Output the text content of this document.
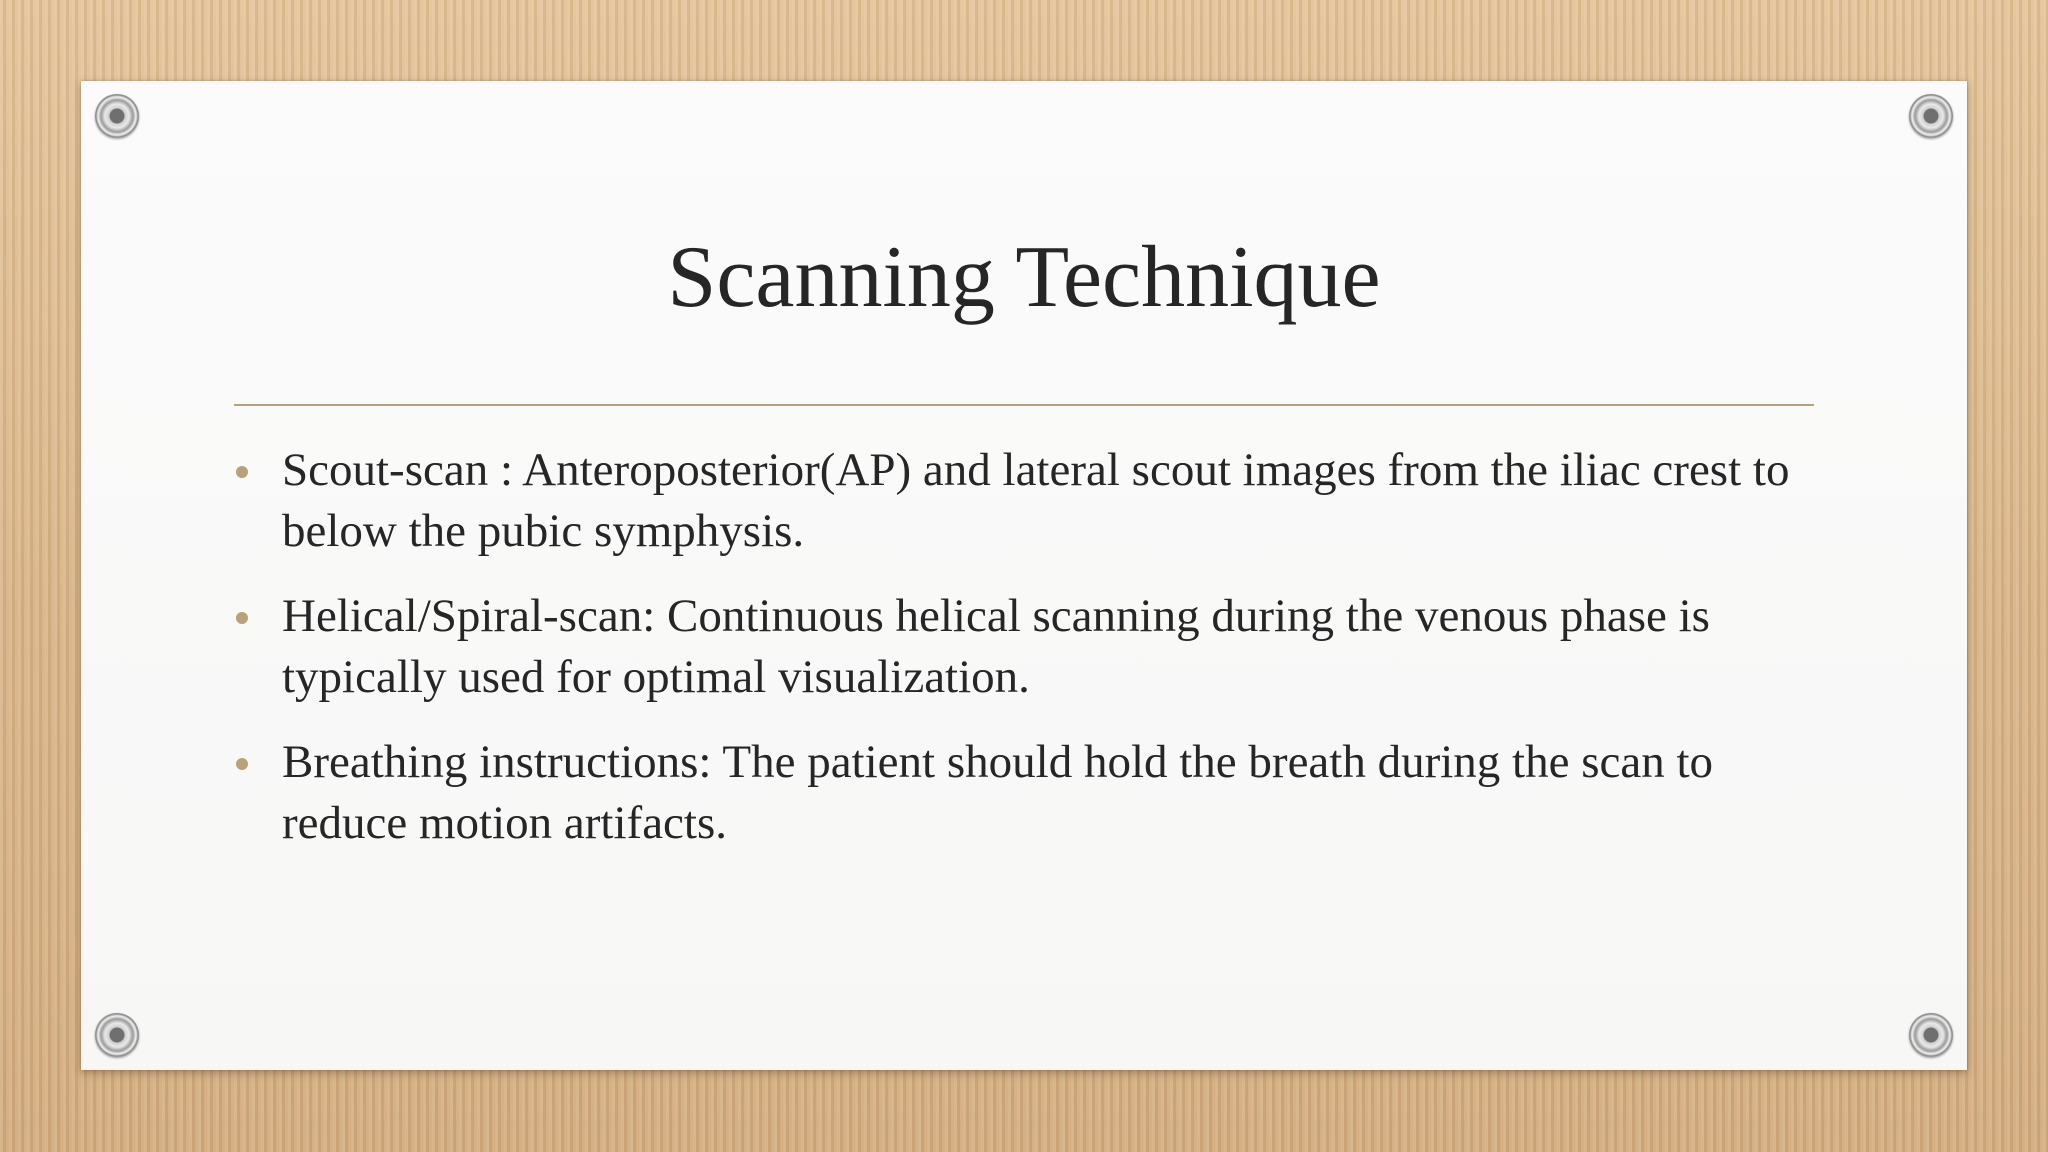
Scanning Technique
Scout-scan : Anteroposterior(AP) and lateral scout images from the iliac crest to below the pubic symphysis.
Helical/Spiral-scan: Continuous helical scanning during the venous phase is typically used for optimal visualization.
Breathing instructions: The patient should hold the breath during the scan to reduce motion artifacts.
